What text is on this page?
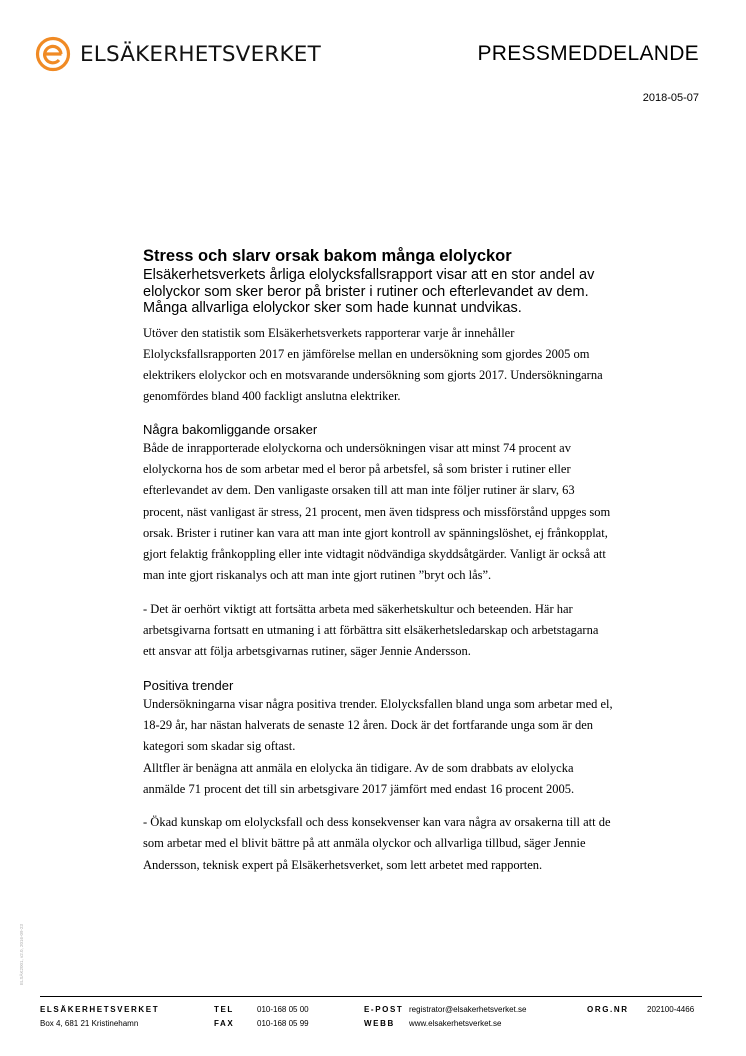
ELSÄKERHETSVERKET	PRESSMEDDELANDE
2018-05-07
Stress och slarv orsak bakom många elolyckor

Elsäkerhetsverkets årliga elolycksfallsrapport visar att en stor andel av elolyckor som sker beror på brister i rutiner och efterlevandet av dem. Många allvarliga elolyckor sker som hade kunnat undvikas.

Utöver den statistik som Elsäkerhetsverkets rapporterar varje år innehåller Elolycksfallsrapporten 2017 en jämförelse mellan en undersökning som gjordes 2005 om elektrikers elolyckor och en motsvarande undersökning som gjorts 2017. Undersökningarna genomfördes bland 400 fackligt anslutna elektriker.

Några bakomliggande orsaker

Både de inrapporterade elolyckorna och undersökningen visar att minst 74 procent av elolyckorna hos de som arbetar med el beror på arbetsfel, så som brister i rutiner eller efterlevandet av dem. Den vanligaste orsaken till att man inte följer rutiner är slarv, 63 procent, näst vanligast är stress, 21 procent, men även tidspress och missförstånd uppges som orsak. Brister i rutiner kan vara att man inte gjort kontroll av spänningslöshet, ej frånkopplat, gjort felaktig frånkoppling eller inte vidtagit nödvändiga skyddsåtgärder. Vanligt är också att man inte gjort riskanalys och att man inte gjort rutinen ”bryt och lås”.

- Det är oerhört viktigt att fortsätta arbeta med säkerhetskultur och beteenden. Här har arbetsgivarna fortsatt en utmaning i att förbättra sitt elsäkerhetsledarskap och arbetstagarna ett ansvar att följa arbetsgivarnas rutiner, säger Jennie Andersson.

Positiva trender

Undersökningarna visar några positiva trender. Elolycksfallen bland unga som arbetar med el, 18-29 år, har nästan halverats de senaste 12 åren. Dock är det fortfarande unga som är den kategori som skadar sig oftast.
Alltfler är benägna att anmäla en elolycka än tidigare. Av de som drabbats av elolycka anmälde 71 procent det till sin arbetsgivare 2017 jämfört med endast 16 procent 2005.

- Ökad kunskap om elolycksfall och dess konsekvenser kan vara några av orsakerna till att de som arbetar med el blivit bättre på att anmäla olyckor och allvarliga tillbud, säger Jennie Andersson, teknisk expert på Elsäkerhetsverket, som lett arbetet med rapporten.

ELSÄK2001, v2.0, 2016-09-23
ELSÄKERHETSVERKET
Box 4, 681 21 Kristinehamn
TEL	010-168 05 00
FAX	010-168 05 99
E-POST registrator@elsakerhetsverket.se
WEBB www.elsakerhetsverket.se
ORG.NR 202100-4466
